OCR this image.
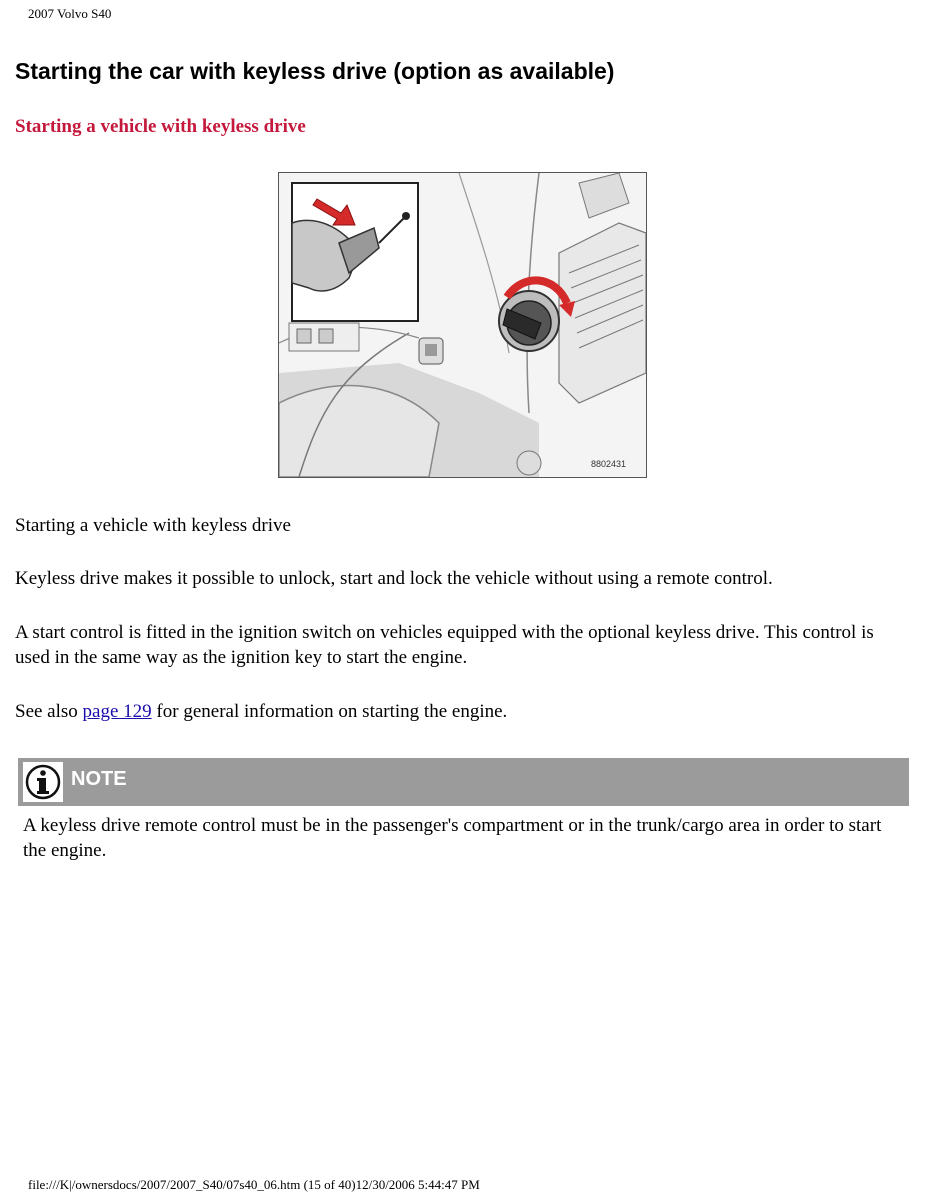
2007 Volvo S40
Starting the car with keyless drive (option as available)
Starting a vehicle with keyless drive
8802431

Starting a vehicle with keyless drive

Keyless drive makes it possible to unlock, start and lock the vehicle without using a remote control.

A start control is fitted in the ignition switch on vehicles equipped with the optional keyless drive. This control is used in the same way as the ignition key to start the engine.

See also page 129 for general information on starting the engine.

NOTE

A keyless drive remote control must be in the passenger's compartment or in the trunk/cargo area in order to start the engine.

file:///K|/ownersdocs/2007/2007_S40/07s40_06.htm (15 of 40)12/30/2006 5:44:47 PM
